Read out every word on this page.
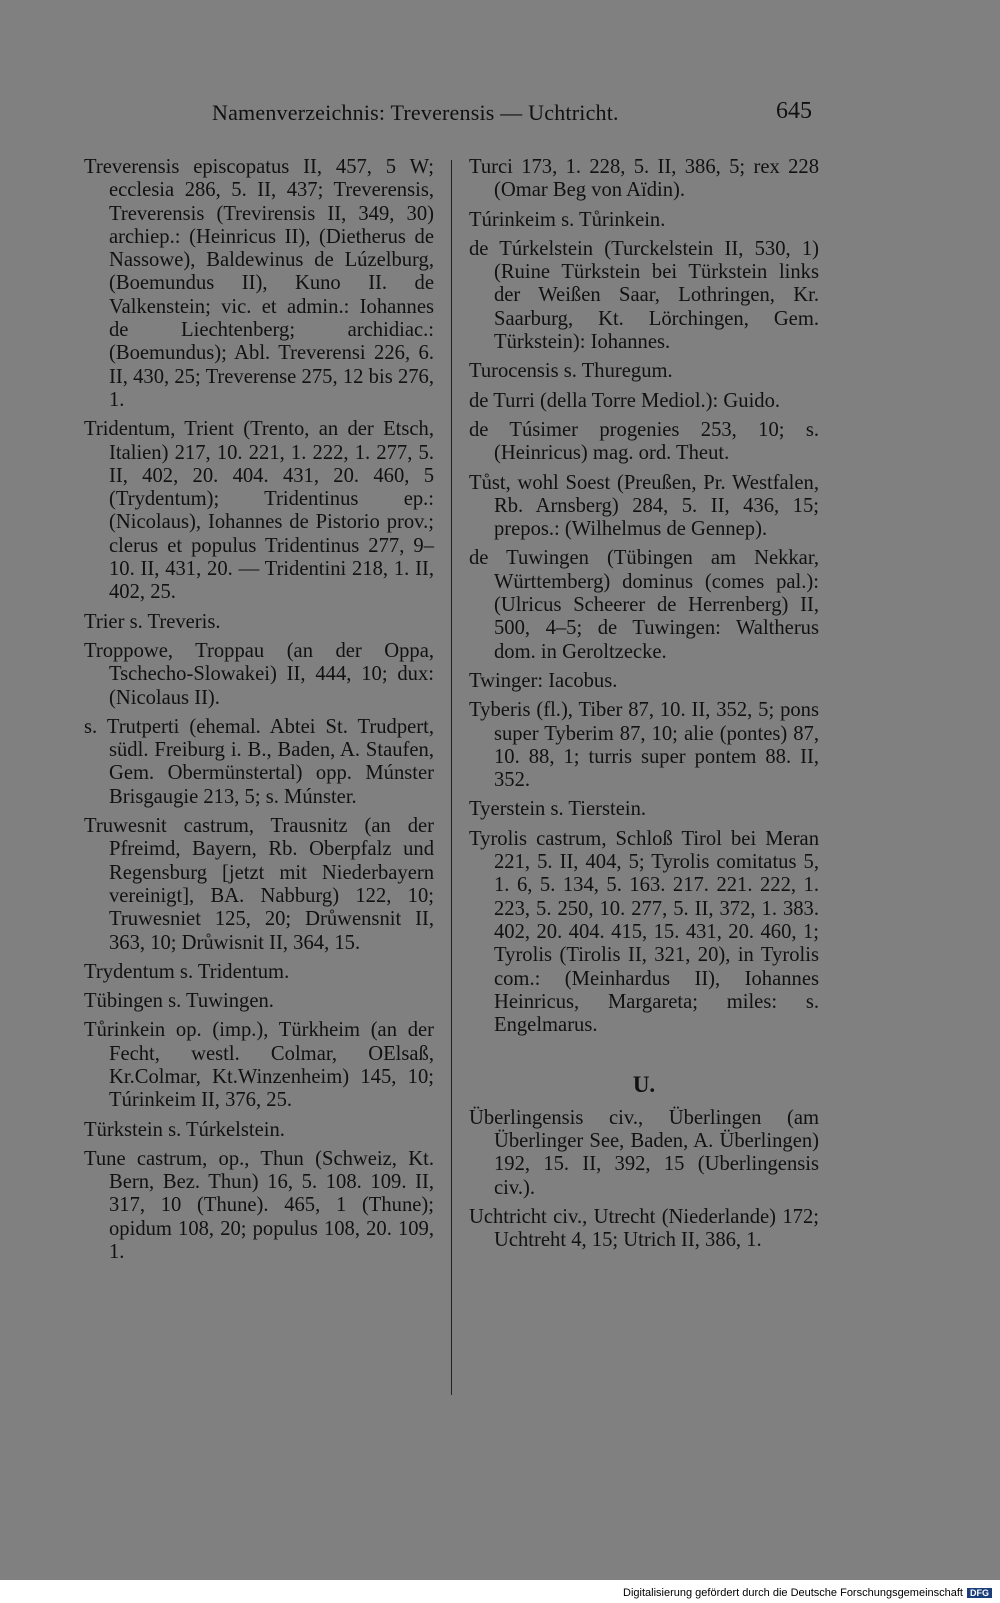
Namenverzeichnis: Treverensis — Uchtricht.	645

Treverensis episcopatus II, 457, 5 W; ecclesia 286, 5. II, 437; Treverensis, Treverensis (Trevirensis II, 349, 30) archiep.: (Heinricus II), (Dietherus de Nassowe), Baldewinus de Lúzelburg, (Boemundus II), Kuno II. de Valkenstein; vic. et admin.: Iohannes de Liechtenberg; archidiac.: (Boemundus); Abl. Treverensi 226, 6. II, 430, 25; Treverense 275, 12 bis 276, 1.

Tridentum, Trient (Trento, an der Etsch, Italien) 217, 10. 221, 1. 222, 1. 277, 5. II, 402, 20. 404. 431, 20. 460, 5 (Trydentum); Tridentinus ep.: (Nicolaus), Iohannes de Pistorio prov.; clerus et populus Tridentinus 277, 9–10. II, 431, 20. — Tridentini 218, 1. II, 402, 25.

Trier s. Treveris.

Troppowe, Troppau (an der Oppa, Tschecho-Slowakei) II, 444, 10; dux: (Nicolaus II).

s. Trutperti (ehemal. Abtei St. Trudpert, südl. Freiburg i. B., Baden, A. Staufen, Gem. Obermünstertal) opp. Múnster Brisgaugie 213, 5; s. Múnster.

Truwesnit castrum, Trausnitz (an der Pfreimd, Bayern, Rb. Oberpfalz und Regensburg [jetzt mit Niederbayern vereinigt], BA. Nabburg) 122, 10; Truwesniet 125, 20; Drůwensnit II, 363, 10; Drůwisnit II, 364, 15.

Trydentum s. Tridentum.

Tübingen s. Tuwingen.

Tůrinkein op. (imp.), Türkheim (an der Fecht, westl. Colmar, OElsaß, Kr.Colmar, Kt.Winzenheim) 145, 10; Túrinkeim II, 376, 25.

Türkstein s. Túrkelstein.

Tune castrum, op., Thun (Schweiz, Kt. Bern, Bez. Thun) 16, 5. 108. 109. II, 317, 10 (Thune). 465, 1 (Thune); opidum 108, 20; populus 108, 20. 109, 1.

Turci 173, 1. 228, 5. II, 386, 5; rex 228 (Omar Beg von Aïdin).

Túrinkeim s. Tůrinkein.

de Túrkelstein (Turckelstein II, 530, 1) (Ruine Türkstein bei Türkstein links der Weißen Saar, Lothringen, Kr. Saarburg, Kt. Lörchingen, Gem. Türkstein): Iohannes.

Turocensis s. Thuregum.

de Turri (della Torre Mediol.): Guido.

de Túsimer progenies 253, 10; s. (Heinricus) mag. ord. Theut.

Tůst, wohl Soest (Preußen, Pr. Westfalen, Rb. Arnsberg) 284, 5. II, 436, 15; prepos.: (Wilhelmus de Gennep).

de Tuwingen (Tübingen am Nekkar, Württemberg) dominus (comes pal.): (Ulricus Scheerer de Herrenberg) II, 500, 4–5; de Tuwingen: Waltherus dom. in Geroltzecke.

Twinger: Iacobus.

Tyberis (fl.), Tiber 87, 10. II, 352, 5; pons super Tyberim 87, 10; alie (pontes) 87, 10. 88, 1; turris super pontem 88. II, 352.

Tyerstein s. Tierstein.

Tyrolis castrum, Schloß Tirol bei Meran 221, 5. II, 404, 5; Tyrolis comitatus 5, 1. 6, 5. 134, 5. 163. 217. 221. 222, 1. 223, 5. 250, 10. 277, 5. II, 372, 1. 383. 402, 20. 404. 415, 15. 431, 20. 460, 1; Tyrolis (Tirolis II, 321, 20), in Tyrolis com.: (Meinhardus II), Iohannes Heinricus, Margareta; miles: s. Engelmarus.

U.

Überlingensis civ., Überlingen (am Überlinger See, Baden, A. Überlingen) 192, 15. II, 392, 15 (Uberlingensis civ.).

Uchtricht civ., Utrecht (Niederlande) 172; Uchtreht 4, 15; Utrich II, 386, 1.

Digitalisierung gefördert durch die Deutsche Forschungsgemeinschaft DFG
